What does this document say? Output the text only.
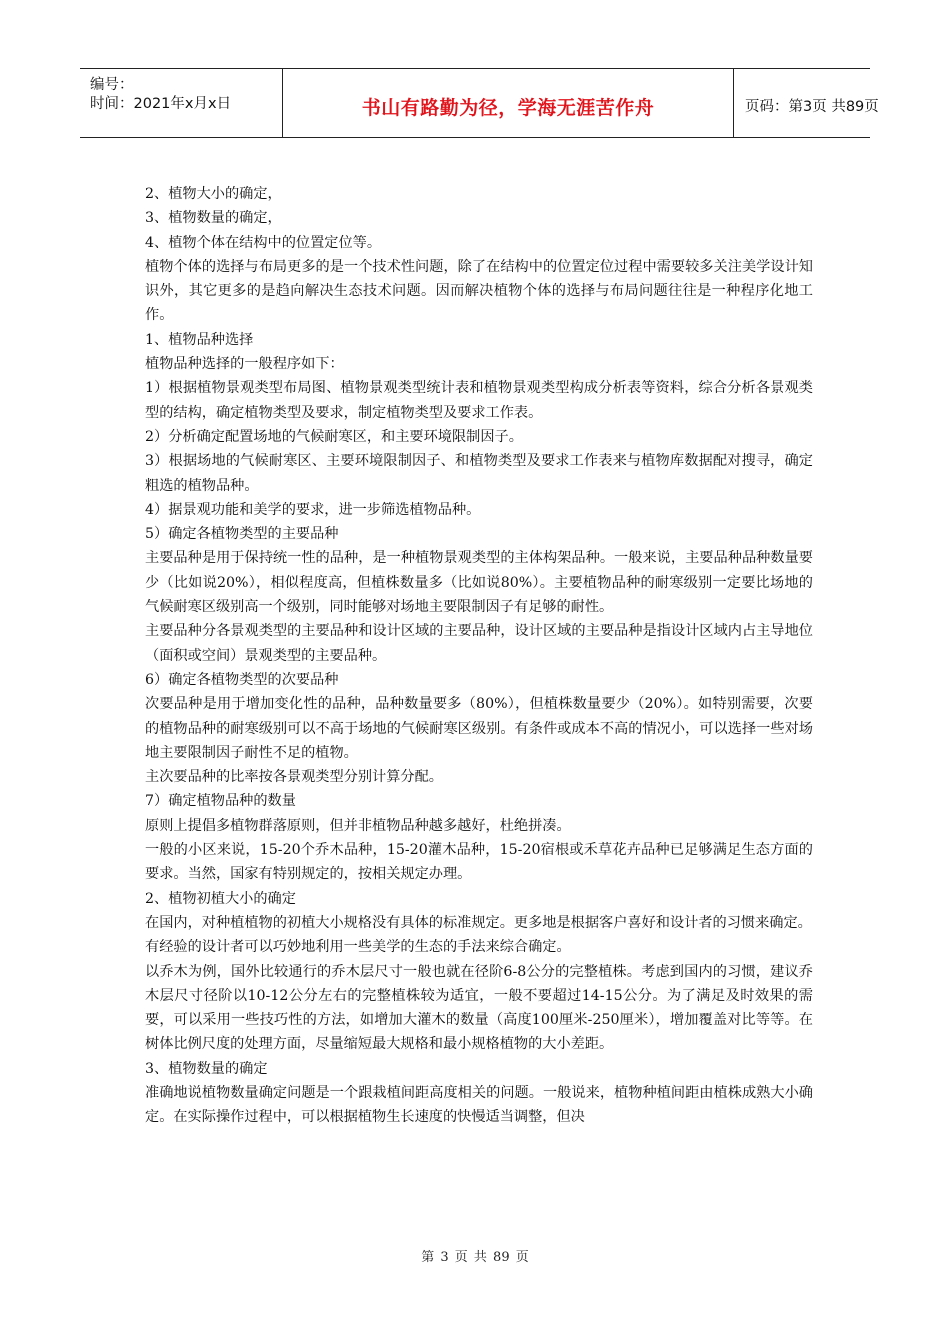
编号：
时间：2021年x月x日	书山有路勤为径，学海无涯苦作舟	页码：第3页 共89页

2、植物大小的确定，

3、植物数量的确定，

4、植物个体在结构中的位置定位等。

植物个体的选择与布局更多的是一个技术性问题，除了在结构中的位置定位过程中需要较多关注美学设计知识外，其它更多的是趋向解决生态技术问题。因而解决植物个体的选择与布局问题往往是一种程序化地工作。

1、植物品种选择

植物品种选择的一般程序如下：

1）根据植物景观类型布局图、植物景观类型统计表和植物景观类型构成分析表等资料，综合分析各景观类型的结构，确定植物类型及要求，制定植物类型及要求工作表。

2）分析确定配置场地的气候耐寒区，和主要环境限制因子。

3）根据场地的气候耐寒区、主要环境限制因子、和植物类型及要求工作表来与植物库数据配对搜寻，确定粗选的植物品种。

4）据景观功能和美学的要求，进一步筛选植物品种。

5）确定各植物类型的主要品种

主要品种是用于保持统一性的品种，是一种植物景观类型的主体构架品种。一般来说，主要品种品种数量要少（比如说20%），相似程度高，但植株数量多（比如说80%）。主要植物品种的耐寒级别一定要比场地的气候耐寒区级别高一个级别，同时能够对场地主要限制因子有足够的耐性。

主要品种分各景观类型的主要品种和设计区域的主要品种，设计区域的主要品种是指设计区域内占主导地位（面积或空间）景观类型的主要品种。

6）确定各植物类型的次要品种

次要品种是用于增加变化性的品种，品种数量要多（80%），但植株数量要少（20%）。如特别需要，次要的植物品种的耐寒级别可以不高于场地的气候耐寒区级别。有条件或成本不高的情况小，可以选择一些对场地主要限制因子耐性不足的植物。

主次要品种的比率按各景观类型分别计算分配。

7）确定植物品种的数量

原则上提倡多植物群落原则，但并非植物品种越多越好，杜绝拼凑。

一般的小区来说，15-20个乔木品种，15-20灌木品种，15-20宿根或禾草花卉品种已足够满足生态方面的要求。当然，国家有特别规定的，按相关规定办理。

2、植物初植大小的确定

在国内，对种植植物的初植大小规格没有具体的标准规定。更多地是根据客户喜好和设计者的习惯来确定。

有经验的设计者可以巧妙地利用一些美学的生态的手法来综合确定。

以乔木为例，国外比较通行的乔木层尺寸一般也就在径阶6-8公分的完整植株。考虑到国内的习惯，建议乔木层尺寸径阶以10-12公分左右的完整植株较为适宜，一般不要超过14-15公分。为了满足及时效果的需要，可以采用一些技巧性的方法，如增加大灌木的数量（高度100厘米-250厘米），增加覆盖对比等等。在树体比例尺度的处理方面，尽量缩短最大规格和最小规格植物的大小差距。

3、植物数量的确定

准确地说植物数量确定问题是一个跟栽植间距高度相关的问题。一般说来，植物种植间距由植株成熟大小确定。在实际操作过程中，可以根据植物生长速度的快慢适当调整，但决

第 3 页 共 89 页
